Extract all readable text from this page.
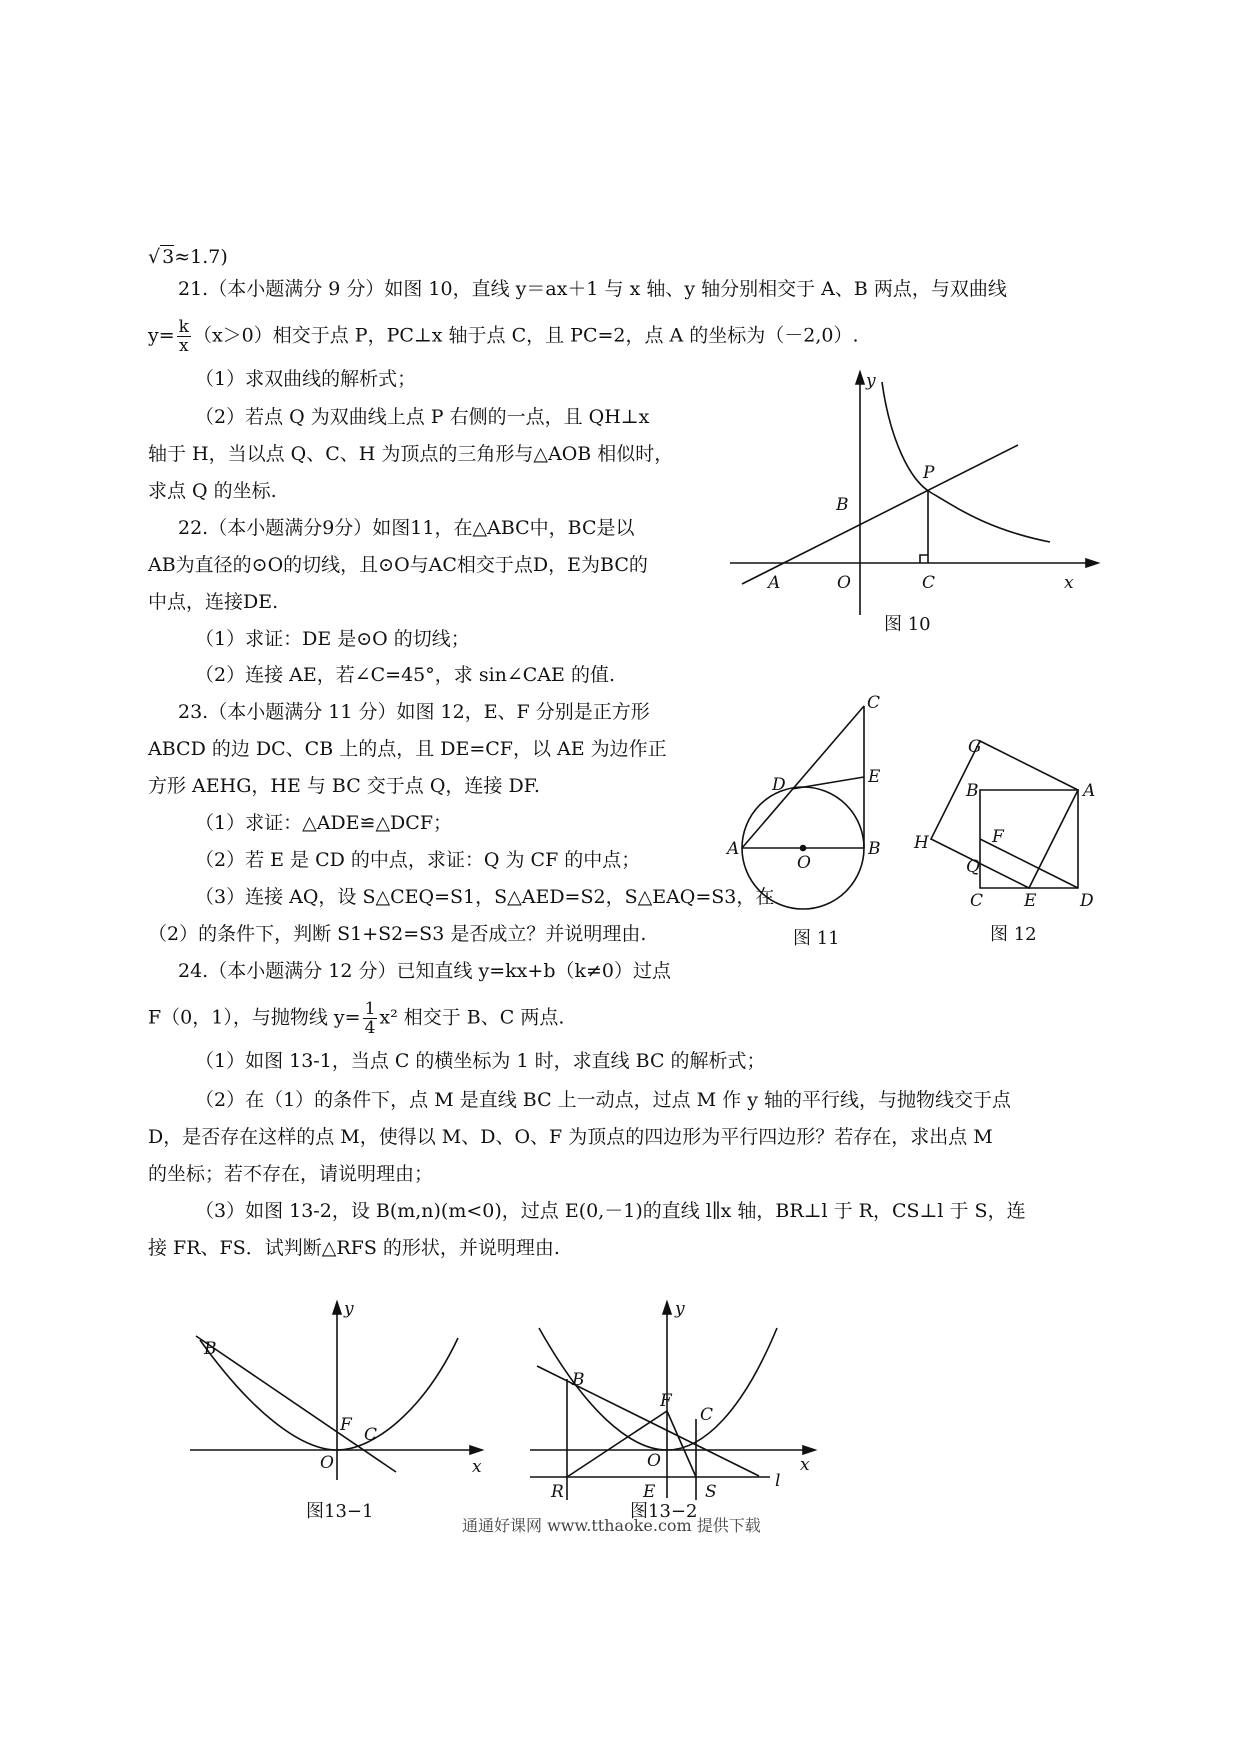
√ 3≈1.7)
21.（本小题满分 9 分）如图 10，直线 y＝ax＋1 与 x 轴、y 轴分别相交于 A、B 两点，与双曲线
$y= \frac{k}{x} (x>0)$相交于点 P，PC⊥x 轴于点 C，且 PC=2，点 A 的坐标为（－2,0）.
（1）求双曲线的解析式；
（2）若点 Q 为双曲线上点 P 右侧的一点，且 QH⊥x
轴于 H，当以点 Q、C、H 为顶点的三角形与△AOB 相似时，
求点 Q 的坐标.
22.（本小题满分9分）如图11，在△ABC中，BC是以
AB为直径的⊙O的切线，且⊙O与AC相交于点D，E为BC的
中点，连接DE.
（1）求证：DE 是⊙O 的切线；
（2）连接 AE，若∠C=45°，求 sin∠CAE 的值.
23.（本小题满分 11 分）如图 12，E、F 分别是正方形
ABCD 的边 DC、CB 上的点，且 DE=CF，以 AE 为边作正
方形 AEHG，HE 与 BC 交于点 Q，连接 DF.
（1）求证：△ADE≌△DCF；
（2）若 E 是 CD 的中点，求证：Q 为 CF 的中点；
（3）连接 AQ，设 S△CEQ=S1，S△AED=S2，S△EAQ=S3，在
（2）的条件下，判断 S1+S2=S3 是否成立？并说明理由.
24.（本小题满分 12 分）已知直线 y=kx+b（k≠0）过点
F（0，1），与抛物线 $y= \frac{1}{4} x^2$ 相交于 B、C 两点.
（1）如图 13-1，当点 C 的横坐标为 1 时，求直线 BC 的解析式；
（2）在（1）的条件下，点 M 是直线 BC 上一动点，过点 M 作 y 轴的平行线，与抛物线交于点
D，是否存在这样的点 M，使得以 M、D、O、F 为顶点的四边形为平行四边形？若存在，求出点 M
的坐标；若不存在，请说明理由；
（3）如图 13-2，设 B(m,n)(m<0)，过点 E(0,－1)的直线 l∥x 轴，BR⊥l 于 R，CS⊥l 于 S，连
接 FR、FS．试判断△RFS 的形状，并说明理由.
y
P
B
A	O	C	x
图 10
C
D	E
A
O
B
图 11
G
B	A
F
H
Q
C E	D
图 12
y
B
F C
O	x
图13−1
y
B
F
C
O	x
R	E	S
l
图13−2
通通好课网 www.tthaoke.com 提供下载
